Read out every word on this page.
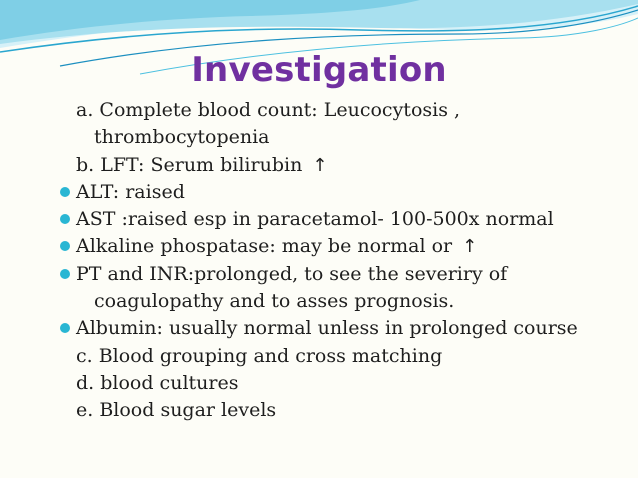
Investigation
a. Complete blood count: Leucocytosis ,
thrombocytopenia
b. LFT: Serum bilirubin ↑
ALT: raised
AST :raised esp in paracetamol- 100-500x normal
Alkaline phospatase: may be normal or ↑
PT and INR:prolonged, to see the severiry of
coagulopathy and to asses prognosis.
Albumin: usually normal unless in prolonged course
c. Blood grouping and cross matching
d. blood cultures
e. Blood sugar levels
